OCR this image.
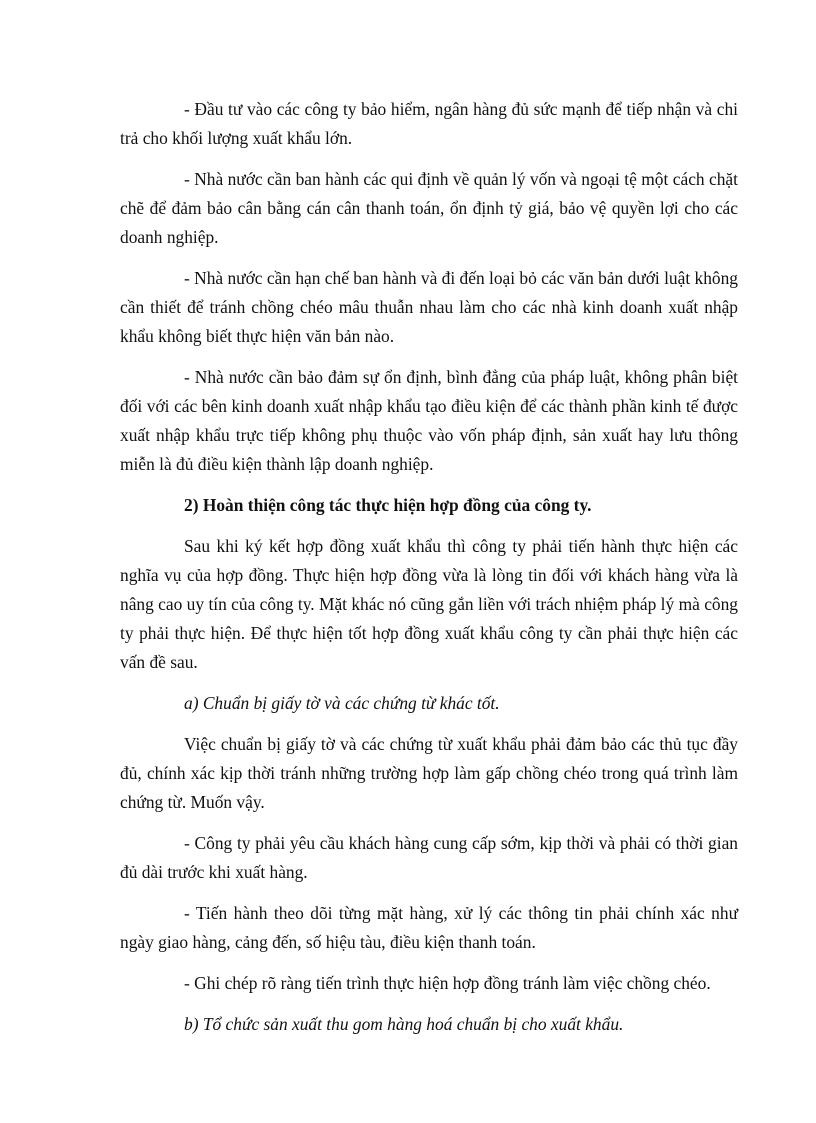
- Đầu tư vào các công ty bảo hiểm, ngân hàng đủ sức mạnh để tiếp nhận và chi trả cho khối lượng xuất khẩu lớn.

- Nhà nước cần ban hành các qui định về quản lý vốn và ngoại tệ một cách chặt chẽ để đảm bảo cân bằng cán cân thanh toán, ổn định tỷ giá, bảo vệ quyền lợi cho các doanh nghiệp.

- Nhà nước cần hạn chế ban hành và đi đến loại bỏ các văn bản dưới luật không cần thiết để tránh chồng chéo mâu thuẫn nhau làm cho các nhà kinh doanh xuất nhập khẩu không biết thực hiện văn bản nào.

- Nhà nước cần bảo đảm sự ổn định, bình đẳng của pháp luật, không phân biệt đối với các bên kinh doanh xuất nhập khẩu tạo điều kiện để các thành phần kinh tế được xuất nhập khẩu trực tiếp không phụ thuộc vào vốn pháp định, sản xuất hay lưu thông miễn là đủ điều kiện thành lập doanh nghiệp.

2) Hoàn thiện công tác thực hiện hợp đồng của công ty.

Sau khi ký kết hợp đồng xuất khẩu thì công ty phải tiến hành thực hiện các nghĩa vụ của hợp đồng. Thực hiện hợp đồng vừa là lòng tin đối với khách hàng vừa là nâng cao uy tín của công ty. Mặt khác nó cũng gắn liền với trách nhiệm pháp lý mà công ty phải thực hiện. Để thực hiện tốt hợp đồng xuất khẩu công ty cần phải thực hiện các vấn đề sau.

a) Chuẩn bị giấy tờ và các chứng từ khác tốt.

Việc chuẩn bị giấy tờ và các chứng từ xuất khẩu phải đảm bảo các thủ tục đầy đủ, chính xác kịp thời tránh những trường hợp làm gấp chồng chéo trong quá trình làm chứng từ. Muốn vậy.

- Công ty phải yêu cầu khách hàng cung cấp sớm, kịp thời và phải có thời gian đủ dài trước khi xuất hàng.

- Tiến hành theo dõi từng mặt hàng, xử lý các thông tin phải chính xác như ngày giao hàng, cảng đến, số hiệu tàu, điều kiện thanh toán.

- Ghi chép rõ ràng tiến trình thực hiện hợp đồng tránh làm việc chồng chéo.

b) Tổ chức sản xuất thu gom hàng hoá chuẩn bị cho xuất khẩu.
